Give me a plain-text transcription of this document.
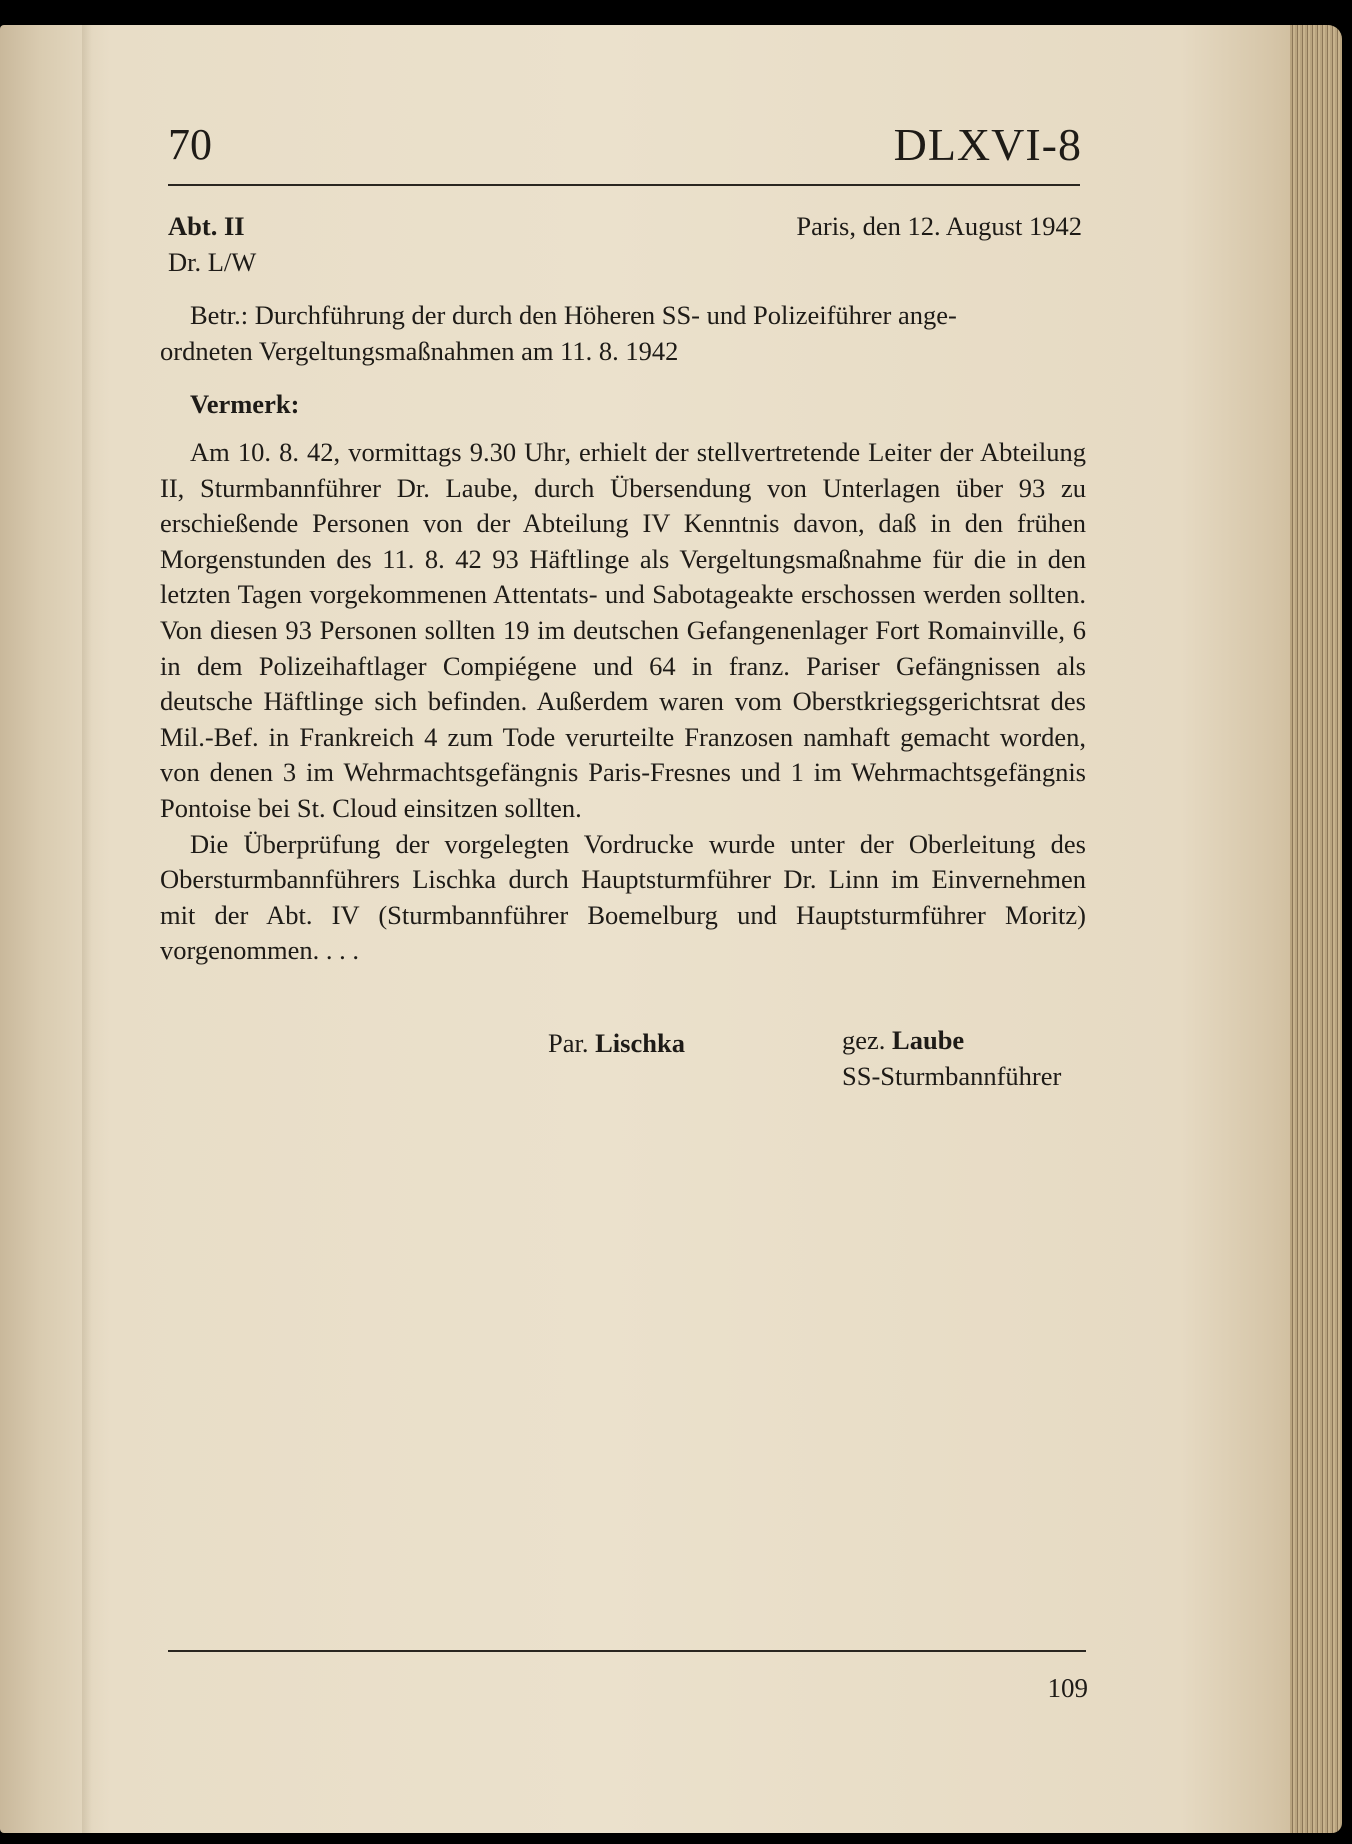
70	DLXVI-8
Abt. II
Dr. L/W
Paris, den 12. August 1942
Betr.: Durchführung der durch den Höheren SS- und Polizeiführer ange-
ordneten Vergeltungsmaßnahmen am 11. 8. 1942
Vermerk:

Am 10. 8. 42, vormittags 9.30 Uhr, erhielt der stellvertretende Leiter der Abteilung II, Sturmbannführer Dr. Laube, durch Übersendung von Unterlagen über 93 zu erschießende Personen von der Abteilung IV Kenntnis davon, daß in den frühen Morgenstunden des 11. 8. 42 93 Häftlinge als Vergeltungsmaßnahme für die in den letzten Tagen vorgekommenen Attentats- und Sabotageakte erschossen werden sollten. Von diesen 93 Personen sollten 19 im deutschen Gefangenenlager Fort Romainville, 6 in dem Polizeihaftlager Compiégene und 64 in franz. Pariser Gefängnissen als deutsche Häftlinge sich befinden. Außerdem waren vom Oberstkriegsgerichtsrat des Mil.-Bef. in Frankreich 4 zum Tode verurteilte Franzosen namhaft gemacht worden, von denen 3 im Wehrmachtsgefängnis Paris-Fresnes und 1 im Wehrmachtsgefängnis Pontoise bei St. Cloud einsitzen sollten.

Die Überprüfung der vorgelegten Vordrucke wurde unter der Oberleitung des Obersturmbannführers Lischka durch Hauptsturmführer Dr. Linn im Einvernehmen mit der Abt. IV (Sturmbannführer Boemelburg und Hauptsturmführer Moritz) vorgenommen. . . .

Par. Lischka	gez. Laube
SS-Sturmbannführer
109
